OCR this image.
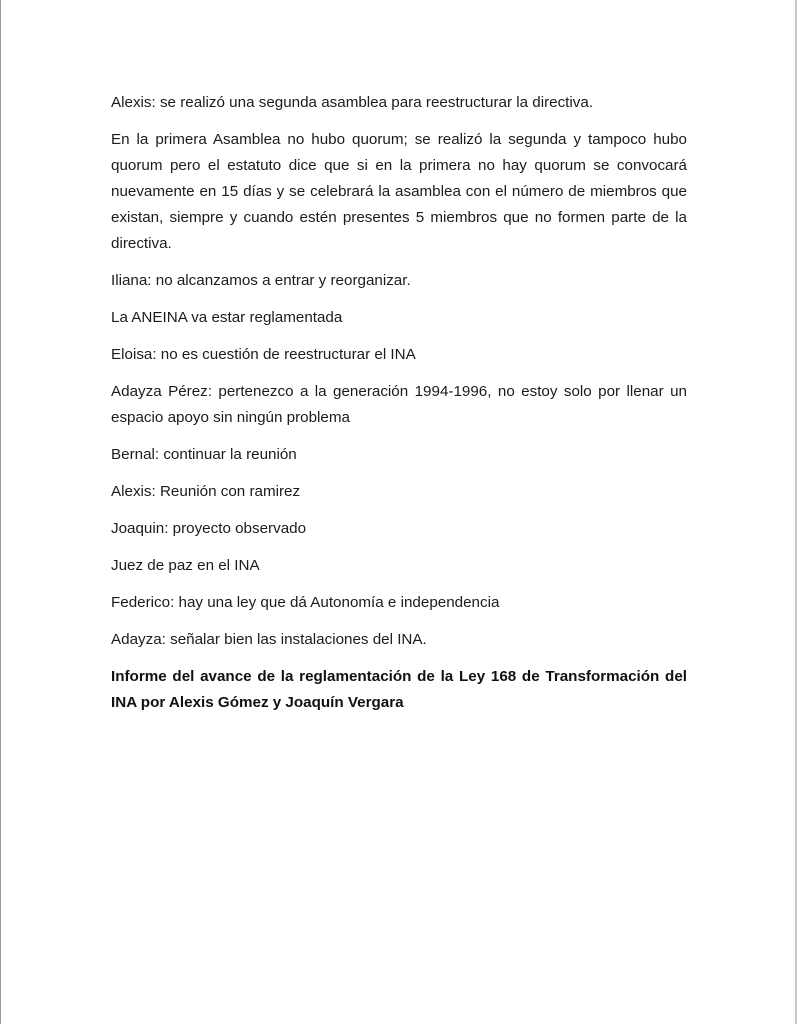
Alexis: se realizó una segunda asamblea para reestructurar la directiva.

En la primera Asamblea no hubo quorum; se realizó la segunda y tampoco hubo quorum pero el estatuto dice que si en la primera no hay quorum se convocará nuevamente en 15 días y se celebrará la asamblea con el número de miembros que existan, siempre y cuando estén presentes 5 miembros que no formen parte de la directiva.

Iliana: no alcanzamos a entrar y reorganizar.

La ANEINA va estar reglamentada

Eloisa: no es cuestión de reestructurar el INA

Adayza Pérez: pertenezco a la generación 1994-1996, no estoy solo por llenar un espacio apoyo sin ningún problema

Bernal: continuar la reunión

Alexis: Reunión con ramirez

Joaquin: proyecto observado

Juez de paz en el INA

Federico: hay una ley que dá Autonomía e independencia

Adayza: señalar bien las instalaciones del INA.

Informe del avance de la reglamentación de la Ley 168 de Transformación del INA por Alexis Gómez y Joaquín Vergara
